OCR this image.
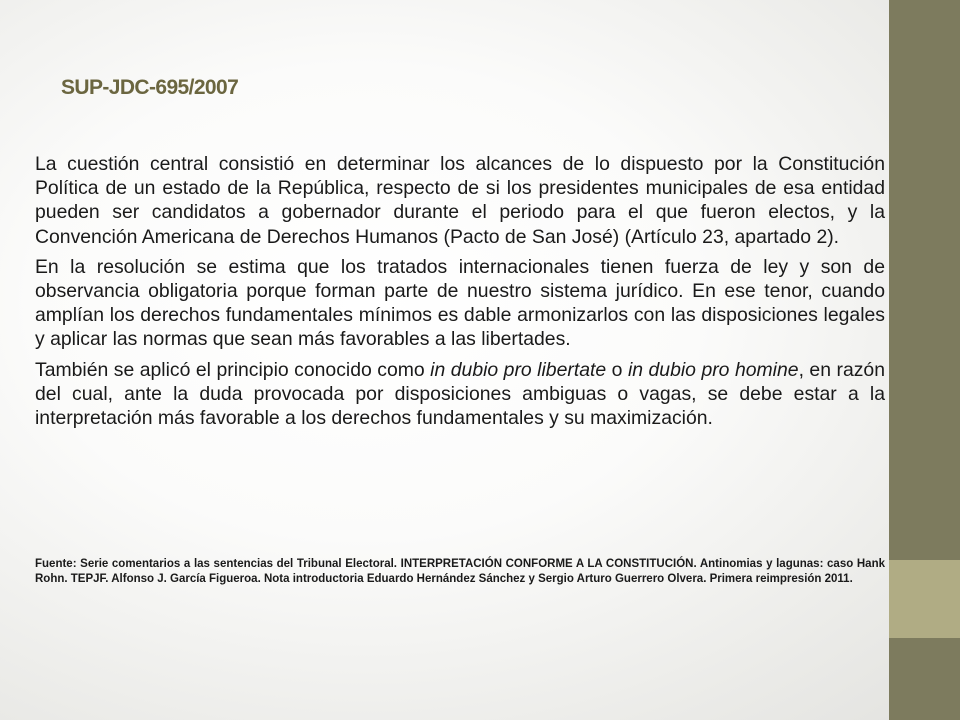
SUP-JDC-695/2007

La cuestión central consistió en determinar los alcances de lo dispuesto por la Constitución Política de un estado de la República, respecto de si los presidentes municipales de esa entidad pueden ser candidatos a gobernador durante el periodo para el que fueron electos, y la Convención Americana de Derechos Humanos (Pacto de San José) (Artículo 23, apartado 2).

En la resolución se estima que los tratados internacionales tienen fuerza de ley y son de observancia obligatoria porque forman parte de nuestro sistema jurídico. En ese tenor, cuando amplían los derechos fundamentales mínimos es dable armonizarlos con las disposiciones legales y aplicar las normas que sean más favorables a las libertades.

También se aplicó el principio conocido como in dubio pro libertate o in dubio pro homine, en razón del cual, ante la duda provocada por disposiciones ambiguas o vagas, se debe estar a la interpretación más favorable a los derechos fundamentales y su maximización.

Fuente: Serie comentarios a las sentencias del Tribunal Electoral. INTERPRETACIÓN CONFORME A LA CONSTITUCIÓN. Antinomias y lagunas: caso Hank Rohn. TEPJF. Alfonso J. García Figueroa. Nota introductoria Eduardo Hernández Sánchez y Sergio Arturo Guerrero Olvera. Primera reimpresión 2011.
